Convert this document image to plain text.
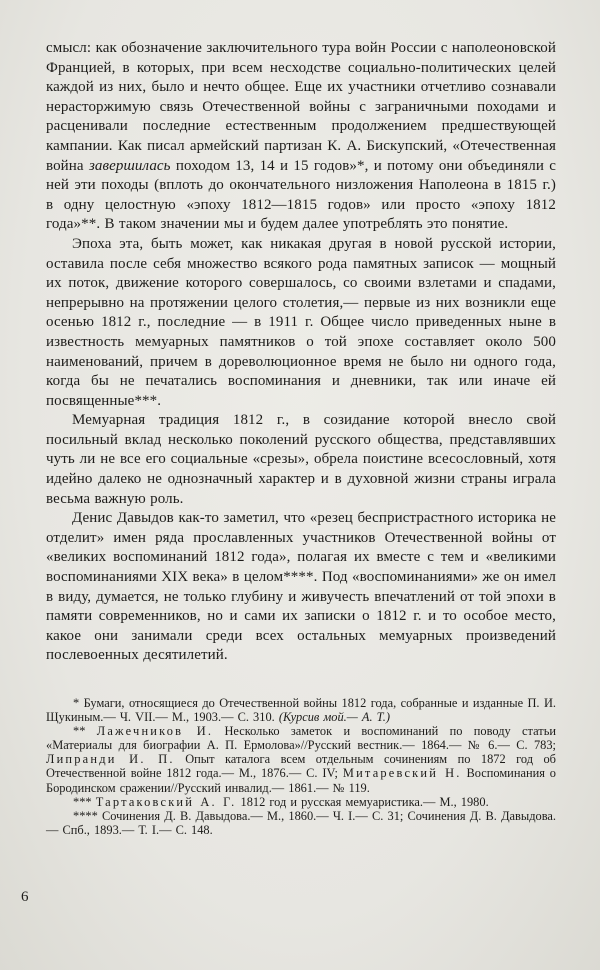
смысл: как обозначение заключительного тура войн России с наполеоновской Францией, в которых, при всем несходстве социально-политических целей каждой из них, было и нечто общее. Еще их участники отчетливо сознавали нерасторжимую связь Отечественной войны с заграничными походами и расценивали последние естественным продолжением предшествующей кампании. Как писал армейский партизан К. А. Бискупский, «Отечественная война завершилась походом 13, 14 и 15 годов»*, и потому они объединяли с ней эти походы (вплоть до окончательного низложения Наполеона в 1815 г.) в одну целостную «эпоху 1812—1815 годов» или просто «эпоху 1812 года»**. В таком значении мы и будем далее употреблять это понятие.

Эпоха эта, быть может, как никакая другая в новой русской истории, оставила после себя множество всякого рода памятных записок — мощный их поток, движение которого совершалось, со своими взлетами и спадами, непрерывно на протяжении целого столетия,— первые из них возникли еще осенью 1812 г., последние — в 1911 г. Общее число приведенных ныне в известность мемуарных памятников о той эпохе составляет около 500 наименований, причем в дореволюционное время не было ни одного года, когда бы не печатались воспоминания и дневники, так или иначе ей посвященные***.

Мемуарная традиция 1812 г., в созидание которой внесло свой посильный вклад несколько поколений русского общества, представлявших чуть ли не все его социальные «срезы», обрела поистине всесословный, хотя идейно далеко не однозначный характер и в духовной жизни страны играла весьма важную роль.

Денис Давыдов как-то заметил, что «резец беспристрастного историка не отделит» имен ряда прославленных участников Отечественной войны от «великих воспоминаний 1812 года», полагая их вместе с тем и «великими воспоминаниями XIX века» в целом****. Под «воспоминаниями» же он имел в виду, думается, не только глубину и живучесть впечатлений от той эпохи в памяти современников, но и сами их записки о 1812 г. и то особое место, какое они занимали среди всех остальных мемуарных произведений послевоенных десятилетий.

* Бумаги, относящиеся до Отечественной войны 1812 года, собранные и изданные П. И. Щукиным.— Ч. VII.— М., 1903.— С. 310. (Курсив мой.— А. Т.)

** Лажечников И. Несколько заметок и воспоминаний по поводу статьи «Материалы для биографии А. П. Ермолова»//Русский вестник.— 1864.— № 6.— С. 783; Липранди И. П. Опыт каталога всем отдельным сочинениям по 1872 год об Отечественной войне 1812 года.— М., 1876.— С. IV; Митаревский Н. Воспоминания о Бородинском сражении//Русский инвалид.— 1861.— № 119.

*** Тартаковский А. Г. 1812 год и русская мемуаристика.— М., 1980.

**** Сочинения Д. В. Давыдова.— М., 1860.— Ч. I.— С. 31; Сочинения Д. В. Давыдова.— Спб., 1893.— Т. I.— С. 148.

6
